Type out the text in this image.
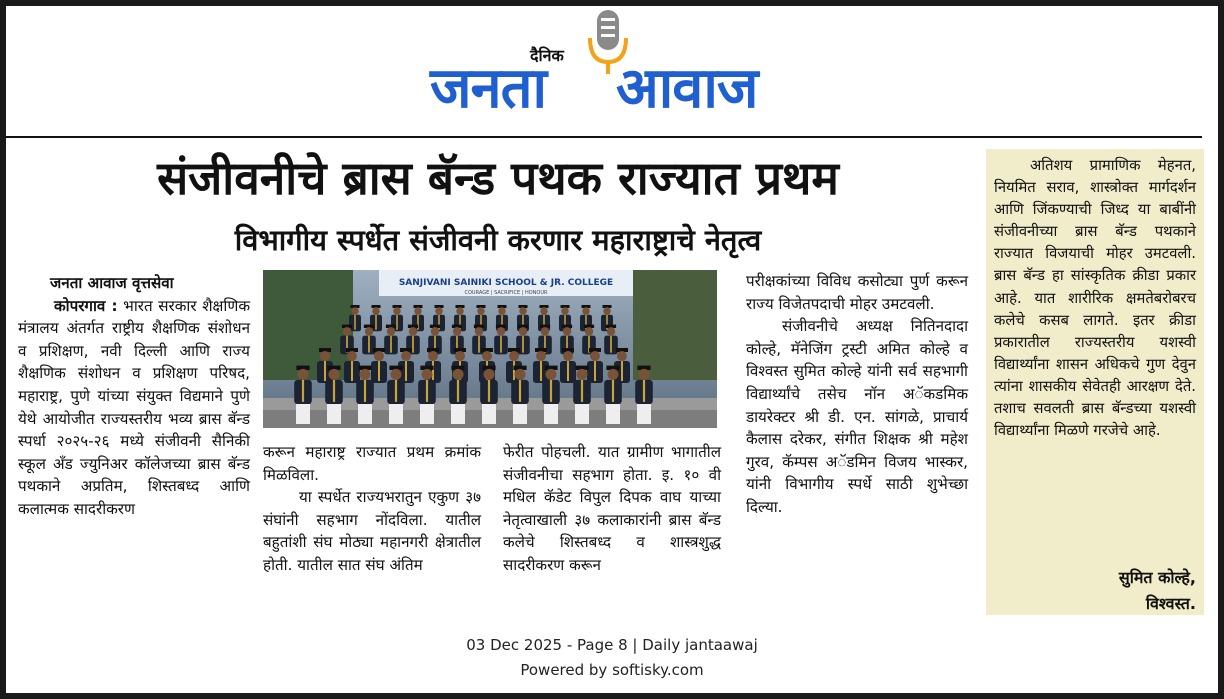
दैनिक
जनता आवाज
संजीवनीचे ब्रास बॅन्ड पथक राज्यात प्रथम
विभागीय स्पर्धेत संजीवनी करणार महाराष्ट्राचे नेतृत्व

जनता आवाज वृत्तसेवा

कोपरगाव : भारत सरकार शैक्षणिक मंत्रालय अंतर्गत राष्ट्रीय शैक्षणिक संशोधन व प्रशिक्षण, नवी दिल्ली आणि राज्य शैक्षणिक संशोधन व प्रशिक्षण परिषद, महाराष्ट्र, पुणे यांच्या संयुक्त विद्यमाने पुणे येथे आयोजीत राज्यस्तरीय भव्य ब्रास बॅन्ड स्पर्धा २०२५-२६ मध्ये संजीवनी सैनिकी स्कूल अँड ज्युनिअर कॉलेजच्या ब्रास बॅन्ड पथकाने अप्रतिम, शिस्तबध्द आणि कलात्मक सादरीकरण

SANJIVANI SAINIKI SCHOOL & JR. COLLEGE
COURAGE | SACRIFICE | HONOUR

करून महाराष्ट्र राज्यात प्रथम क्रमांक मिळविला.

या स्पर्धेत राज्यभरातुन एकुण ३७ संघांनी सहभाग नोंदविला. यातील बहुतांशी संघ मोठ्या महानगरी क्षेत्रातील होती. यातील सात संघ अंतिम

फेरीत पोहचली. यात ग्रामीण भागातील संजीवनीचा सहभाग होता. इ. १० वी मधिल कॅडेट विपुल दिपक वाघ याच्या नेतृत्वाखाली ३७ कलाकारांनी ब्रास बॅन्ड कलेचे शिस्तबध्द व शास्त्रशुद्ध सादरीकरण करून

परीक्षकांच्या विविध कसोट्या पुर्ण करून राज्य विजेतपदाची मोहर उमटवली.

संजीवनीचे अध्यक्ष नितिनदादा कोल्हे, मॅनेजिंग ट्रस्टी अमित कोल्हे व विश्वस्त सुमित कोल्हे यांनी सर्व सहभागी विद्यार्थ्यांचे तसेच नॉन अॅकडमिक डायरेक्टर श्री डी. एन. सांगळे, प्राचार्य कैलास दरेकर, संगीत शिक्षक श्री महेश गुरव, कॅम्पस अॅडमिन विजय भास्कर, यांनी विभागीय स्पर्धे साठी शुभेच्छा दिल्या.

अतिशय प्रामाणिक मेहनत, नियमित सराव, शास्त्रोक्त मार्गदर्शन आणि जिंकण्याची जिध्द या बाबींनी संजीवनीच्या ब्रास बॅन्ड पथकाने राज्यात विजयाची मोहर उमटवली. ब्रास बॅन्ड हा सांस्कृतिक क्रीडा प्रकार आहे. यात शारीरिक क्षमतेबरोबरच कलेचे कसब लागते. इतर क्रीडा प्रकारातील राज्यस्तरीय यशस्वी विद्यार्थ्यांना शासन अधिकचे गुण देवुन त्यांना शासकीय सेवेतही आरक्षण देते. तशाच सवलती ब्रास बॅन्डच्या यशस्वी विद्यार्थ्यांना मिळणे गरजेचे आहे.

सुमित कोल्हे,
विश्वस्त.
03 Dec 2025 - Page 8 | Daily jantaawaj
Powered by softisky.com
